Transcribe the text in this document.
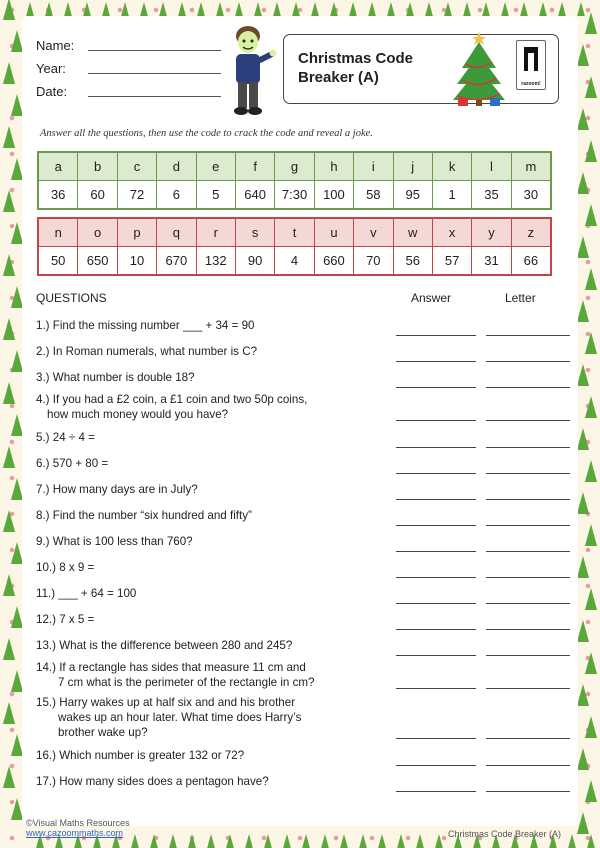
Name:
Year:
Date:
Christmas Code Breaker (A)	razoom!
Answer all the questions, then use the code to crack the code and reveal a joke.
a	b	c	d	e	f	g	h	i	j	k	l	m
36	60	72	6	5	640	7:30	100	58	95	1	35	30
n	o	p	q	r	s	t	u	v	w	x	y	z
50	650	10	670	132	90	4	660	70	56	57	31	66
QUESTIONS	Answer	Letter
1.) Find the missing number ___ + 34 = 90
2.) In Roman numerals, what number is C?
3.) What number is double 18?
4.) If you had a £2 coin, a £1 coin and two 50p coins,
how much money would you have?
5.) 24 ÷ 4 =
6.) 570 + 80 =
7.) How many days are in July?
8.) Find the number “six hundred and fifty”
9.) What is 100 less than 760?
10.) 8 x 9 =
11.) ___ + 64 = 100
12.) 7 x 5 =
13.) What is the difference between 280 and 245?
14.) If a rectangle has sides that measure 11 cm and
7 cm what is the perimeter of the rectangle in cm?
15.) Harry wakes up at half six and and his brother
wakes up an hour later. What time does Harry’s
brother wake up?
16.) Which number is greater 132 or 72?
17.) How many sides does a pentagon have?
©Visual Maths Resources
www.cazoommaths.com	Christmas Code Breaker (A)
